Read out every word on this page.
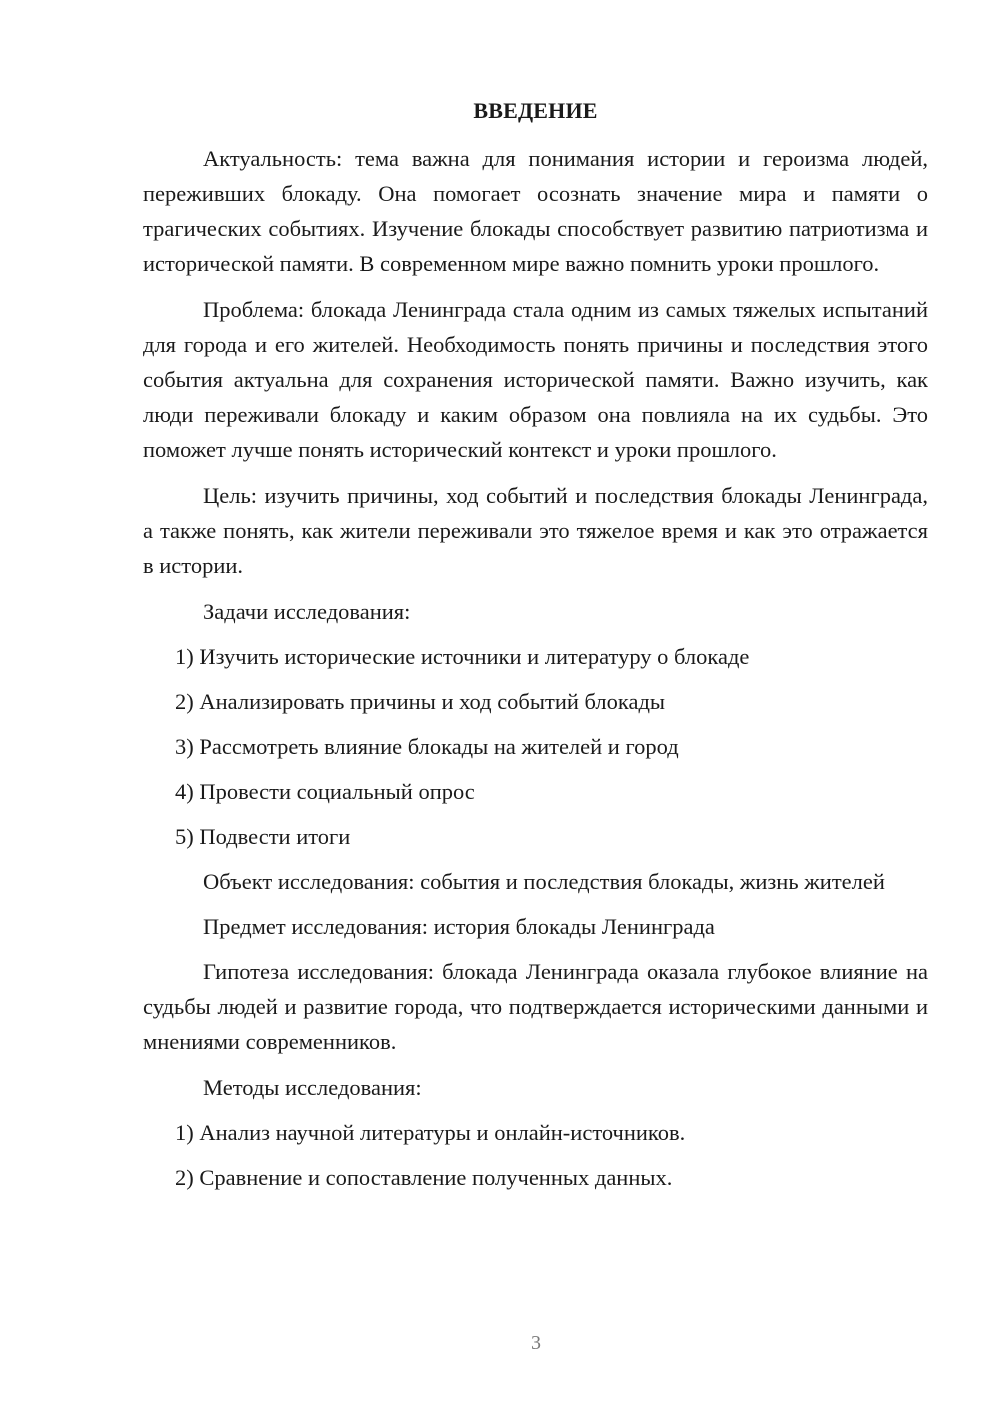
ВВЕДЕНИЕ

Актуальность: тема важна для понимания истории и героизма людей, переживших блокаду. Она помогает осознать значение мира и памяти о трагических событиях. Изучение блокады способствует развитию патриотизма и исторической памяти. В современном мире важно помнить уроки прошлого.

Проблема: блокада Ленинграда стала одним из самых тяжелых испытаний для города и его жителей. Необходимость понять причины и последствия этого события актуальна для сохранения исторической памяти. Важно изучить, как люди переживали блокаду и каким образом она повлияла на их судьбы. Это поможет лучше понять исторический контекст и уроки прошлого.

Цель: изучить причины, ход событий и последствия блокады Ленинграда, а также понять, как жители переживали это тяжелое время и как это отражается в истории.

Задачи исследования:

1) Изучить исторические источники и литературу о блокаде

2) Анализировать причины и ход событий блокады

3) Рассмотреть влияние блокады на жителей и город

4) Провести социальный опрос

5) Подвести итоги

Объект исследования: события и последствия блокады, жизнь жителей

Предмет исследования: история блокады Ленинграда

Гипотеза исследования: блокада Ленинграда оказала глубокое влияние на судьбы людей и развитие города, что подтверждается историческими данными и мнениями современников.

Методы исследования:

1) Анализ научной литературы и онлайн-источников.

2) Сравнение и сопоставление полученных данных.

3
